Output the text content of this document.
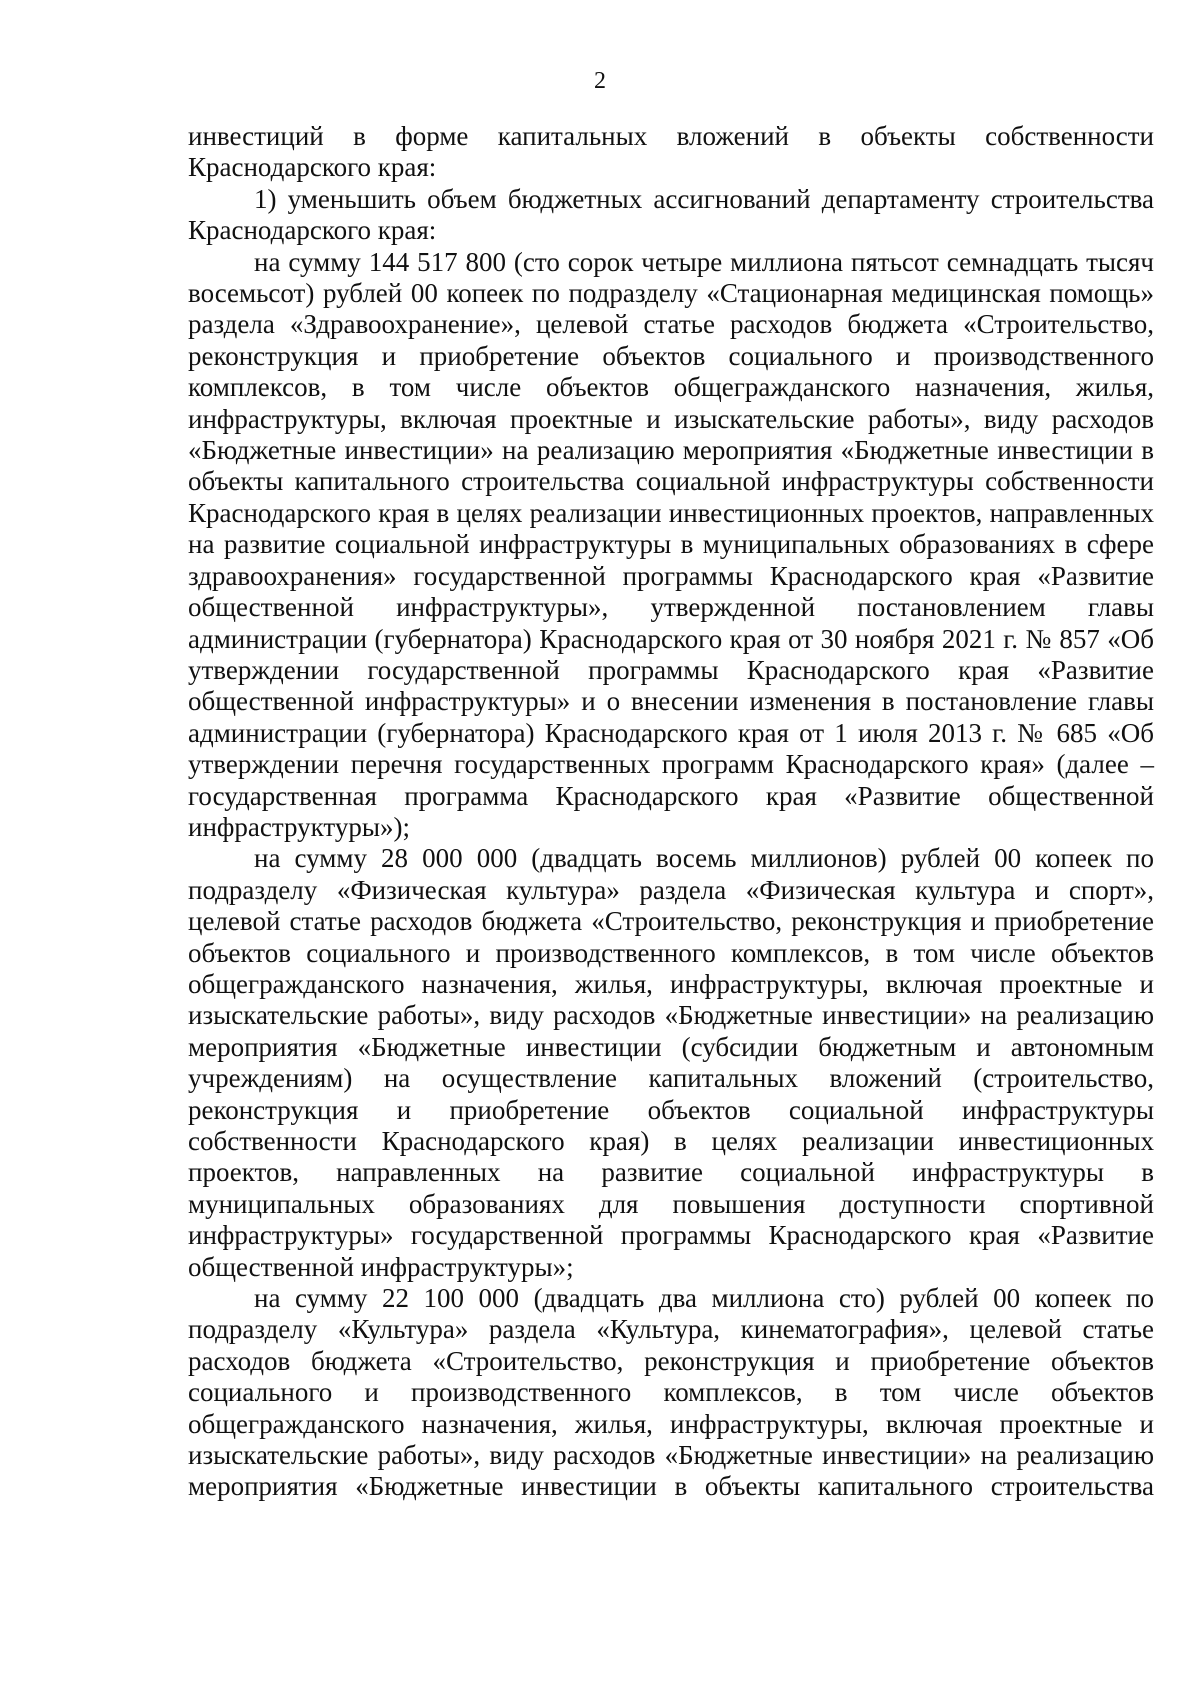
2

инвестиций в форме капитальных вложений в объекты собственности Краснодарского края:

1) уменьшить объем бюджетных ассигнований департаменту строительства Краснодарского края:

на сумму 144 517 800 (сто сорок четыре миллиона пятьсот семнадцать тысяч восемьсот) рублей 00 копеек по подразделу «Стационарная медицинская помощь» раздела «Здравоохранение», целевой статье расходов бюджета «Строительство, реконструкция и приобретение объектов социального и производственного комплексов, в том числе объектов общегражданского назначения, жилья, инфраструктуры, включая проектные и изыскательские работы», виду расходов «Бюджетные инвестиции» на реализацию мероприятия «Бюджетные инвестиции в объекты капитального строительства социальной инфраструктуры собственности Краснодарского края в целях реализации инвестиционных проектов, направленных на развитие социальной инфраструктуры в муниципальных образованиях в сфере здравоохранения» государственной программы Краснодарского края «Развитие общественной инфраструктуры», утвержденной постановлением главы администрации (губернатора) Краснодарского края от 30 ноября 2021 г. № 857 «Об утверждении государственной программы Краснодарского края «Развитие общественной инфраструктуры» и о внесении изменения в постановление главы администрации (губернатора) Краснодарского края от 1 июля 2013 г. № 685 «Об утверждении перечня государственных программ Краснодарского края» (далее – государственная программа Краснодарского края «Развитие общественной инфраструктуры»);

на сумму 28 000 000 (двадцать восемь миллионов) рублей 00 копеек по подразделу «Физическая культура» раздела «Физическая культура и спорт», целевой статье расходов бюджета «Строительство, реконструкция и приобретение объектов социального и производственного комплексов, в том числе объектов общегражданского назначения, жилья, инфраструктуры, включая проектные и изыскательские работы», виду расходов «Бюджетные инвестиции» на реализацию мероприятия «Бюджетные инвестиции (субсидии бюджетным и автономным учреждениям) на осуществление капитальных вложений (строительство, реконструкция и приобретение объектов социальной инфраструктуры собственности Краснодарского края) в целях реализации инвестиционных проектов, направленных на развитие социальной инфраструктуры в муниципальных образованиях для повышения доступности спортивной инфраструктуры» государственной программы Краснодарского края «Развитие общественной инфраструктуры»;

на сумму 22 100 000 (двадцать два миллиона сто) рублей 00 копеек по подразделу «Культура» раздела «Культура, кинематография», целевой статье расходов бюджета «Строительство, реконструкция и приобретение объектов социального и производственного комплексов, в том числе объектов общегражданского назначения, жилья, инфраструктуры, включая проектные и изыскательские работы», виду расходов «Бюджетные инвестиции» на реализацию мероприятия «Бюджетные инвестиции в объекты капитального строительства
